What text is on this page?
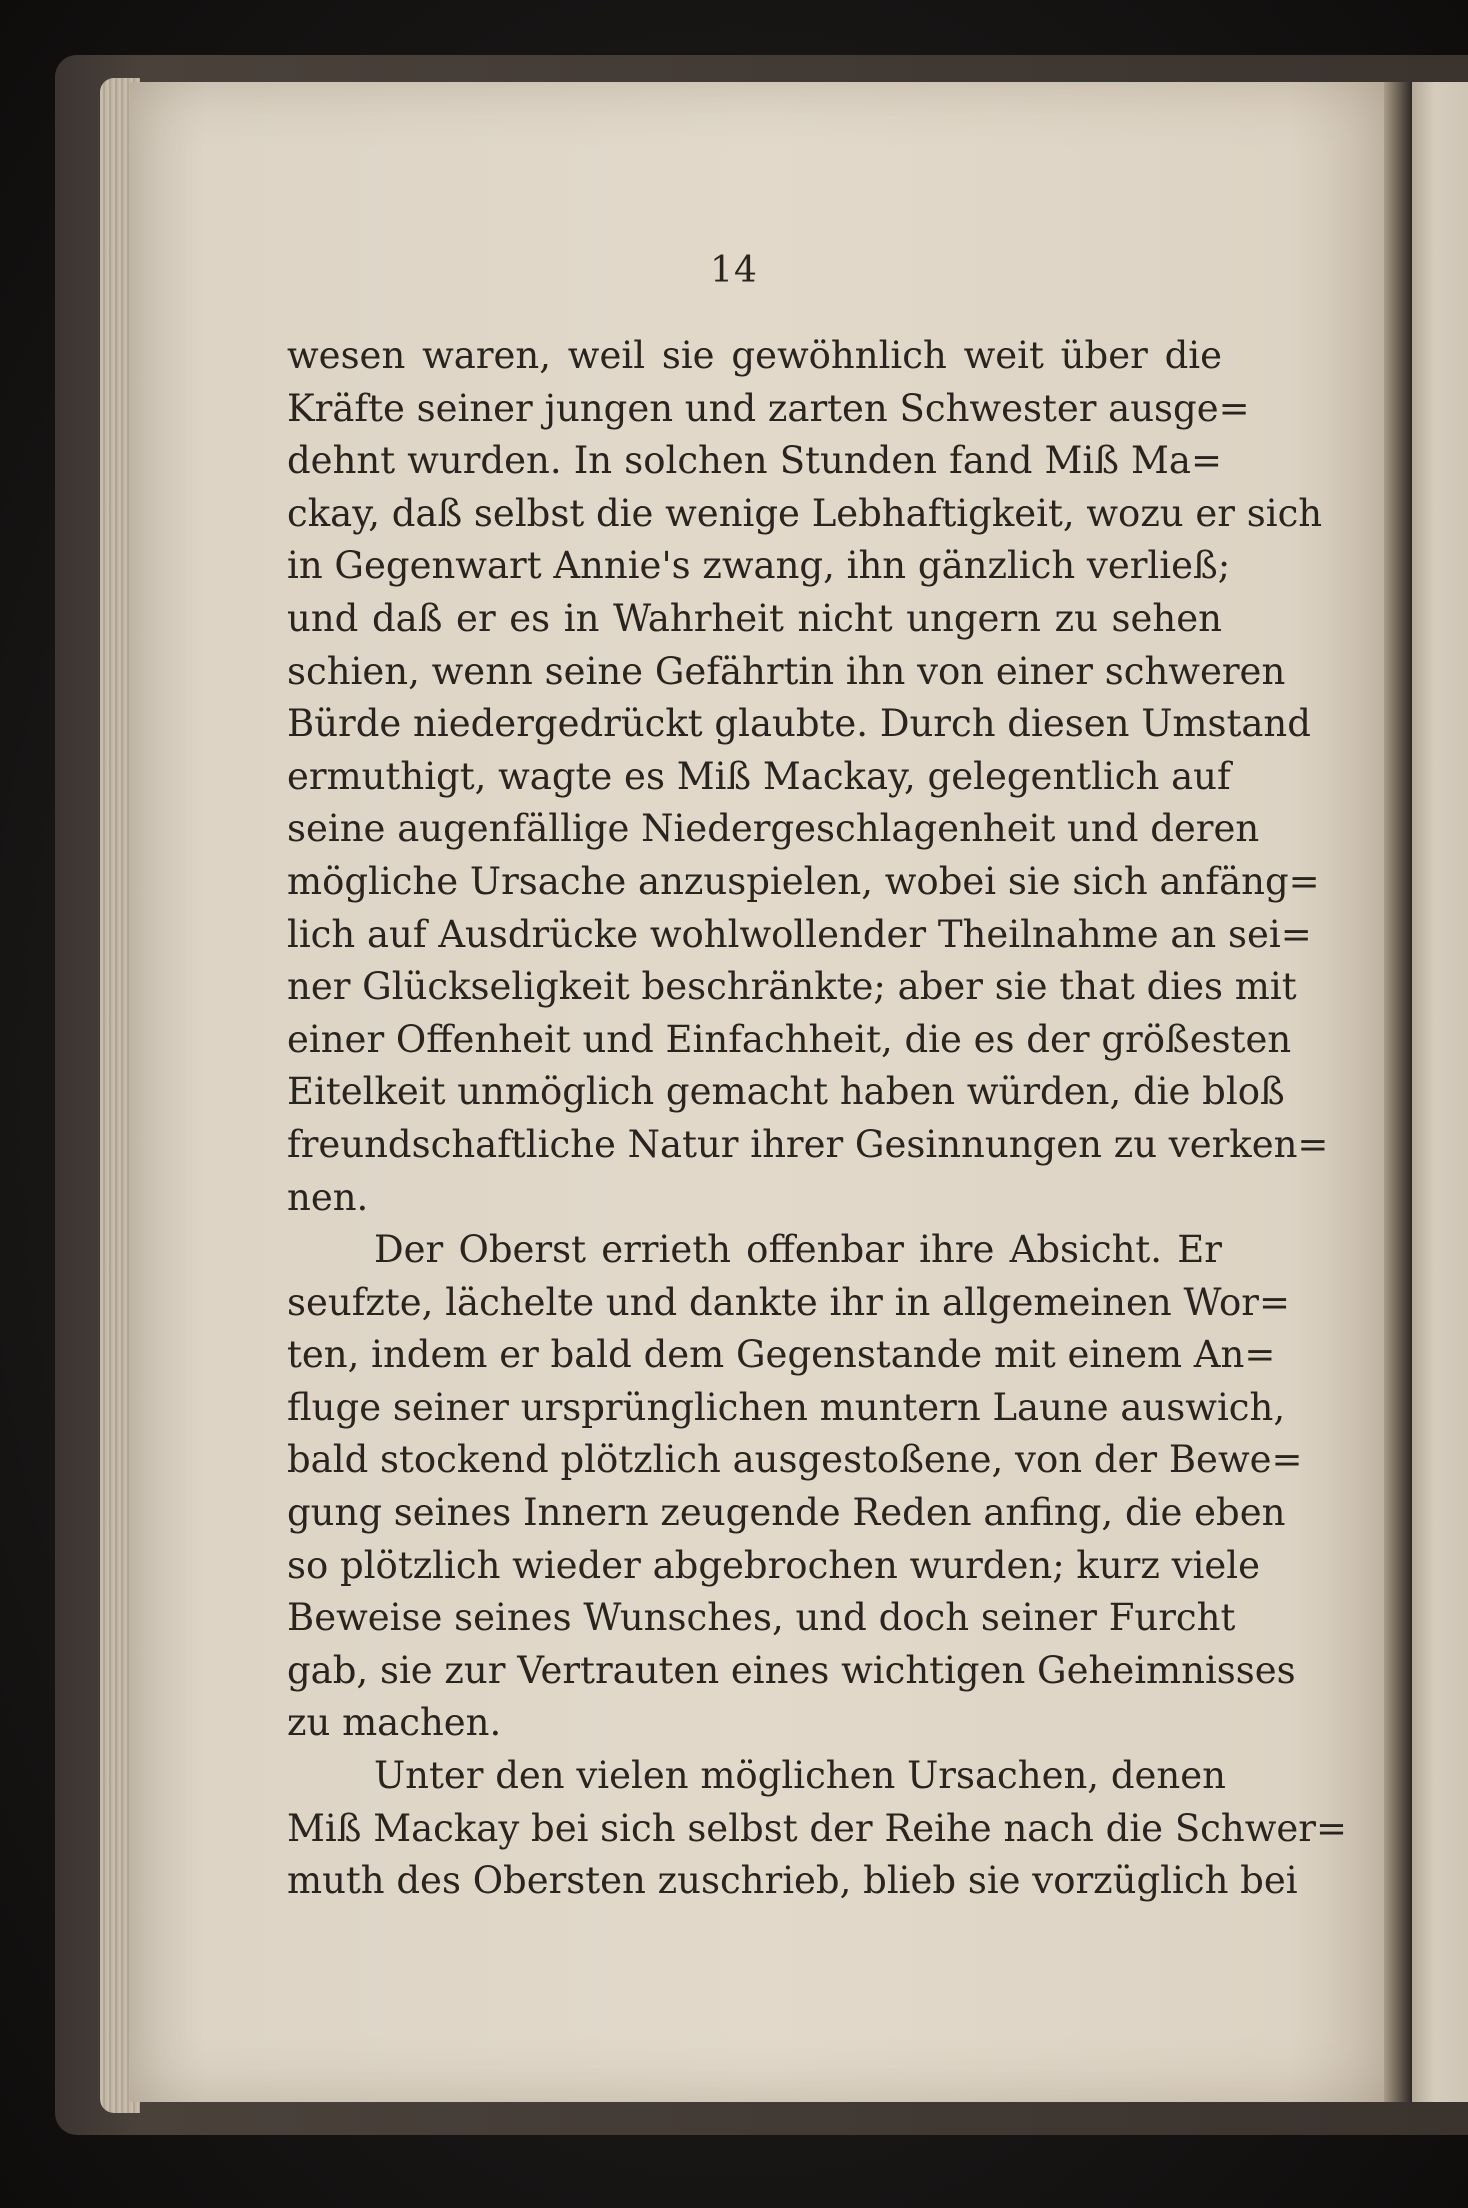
14
wesen waren, weil sie gewöhnlich weit über die
Kräfte seiner jungen und zarten Schwester ausge=
dehnt wurden. In solchen Stunden fand Miß Ma=
ckay, daß selbst die wenige Lebhaftigkeit, wozu er sich
in Gegenwart Annie's zwang, ihn gänzlich verließ;
und daß er es in Wahrheit nicht ungern zu sehen
schien, wenn seine Gefährtin ihn von einer schweren
Bürde niedergedrückt glaubte. Durch diesen Umstand
ermuthigt, wagte es Miß Mackay, gelegentlich auf
seine augenfällige Niedergeschlagenheit und deren
mögliche Ursache anzuspielen, wobei sie sich anfäng=
lich auf Ausdrücke wohlwollender Theilnahme an sei=
ner Glückseligkeit beschränkte; aber sie that dies mit
einer Offenheit und Einfachheit, die es der größesten
Eitelkeit unmöglich gemacht haben würden, die bloß
freundschaftliche Natur ihrer Gesinnungen zu verken=
nen.
Der Oberst errieth offenbar ihre Absicht. Er
seufzte, lächelte und dankte ihr in allgemeinen Wor=
ten, indem er bald dem Gegenstande mit einem An=
fluge seiner ursprünglichen muntern Laune auswich,
bald stockend plötzlich ausgestoßene, von der Bewe=
gung seines Innern zeugende Reden anfing, die eben
so plötzlich wieder abgebrochen wurden; kurz viele
Beweise seines Wunsches, und doch seiner Furcht
gab, sie zur Vertrauten eines wichtigen Geheimnisses
zu machen.
Unter den vielen möglichen Ursachen, denen
Miß Mackay bei sich selbst der Reihe nach die Schwer=
muth des Obersten zuschrieb, blieb sie vorzüglich bei
